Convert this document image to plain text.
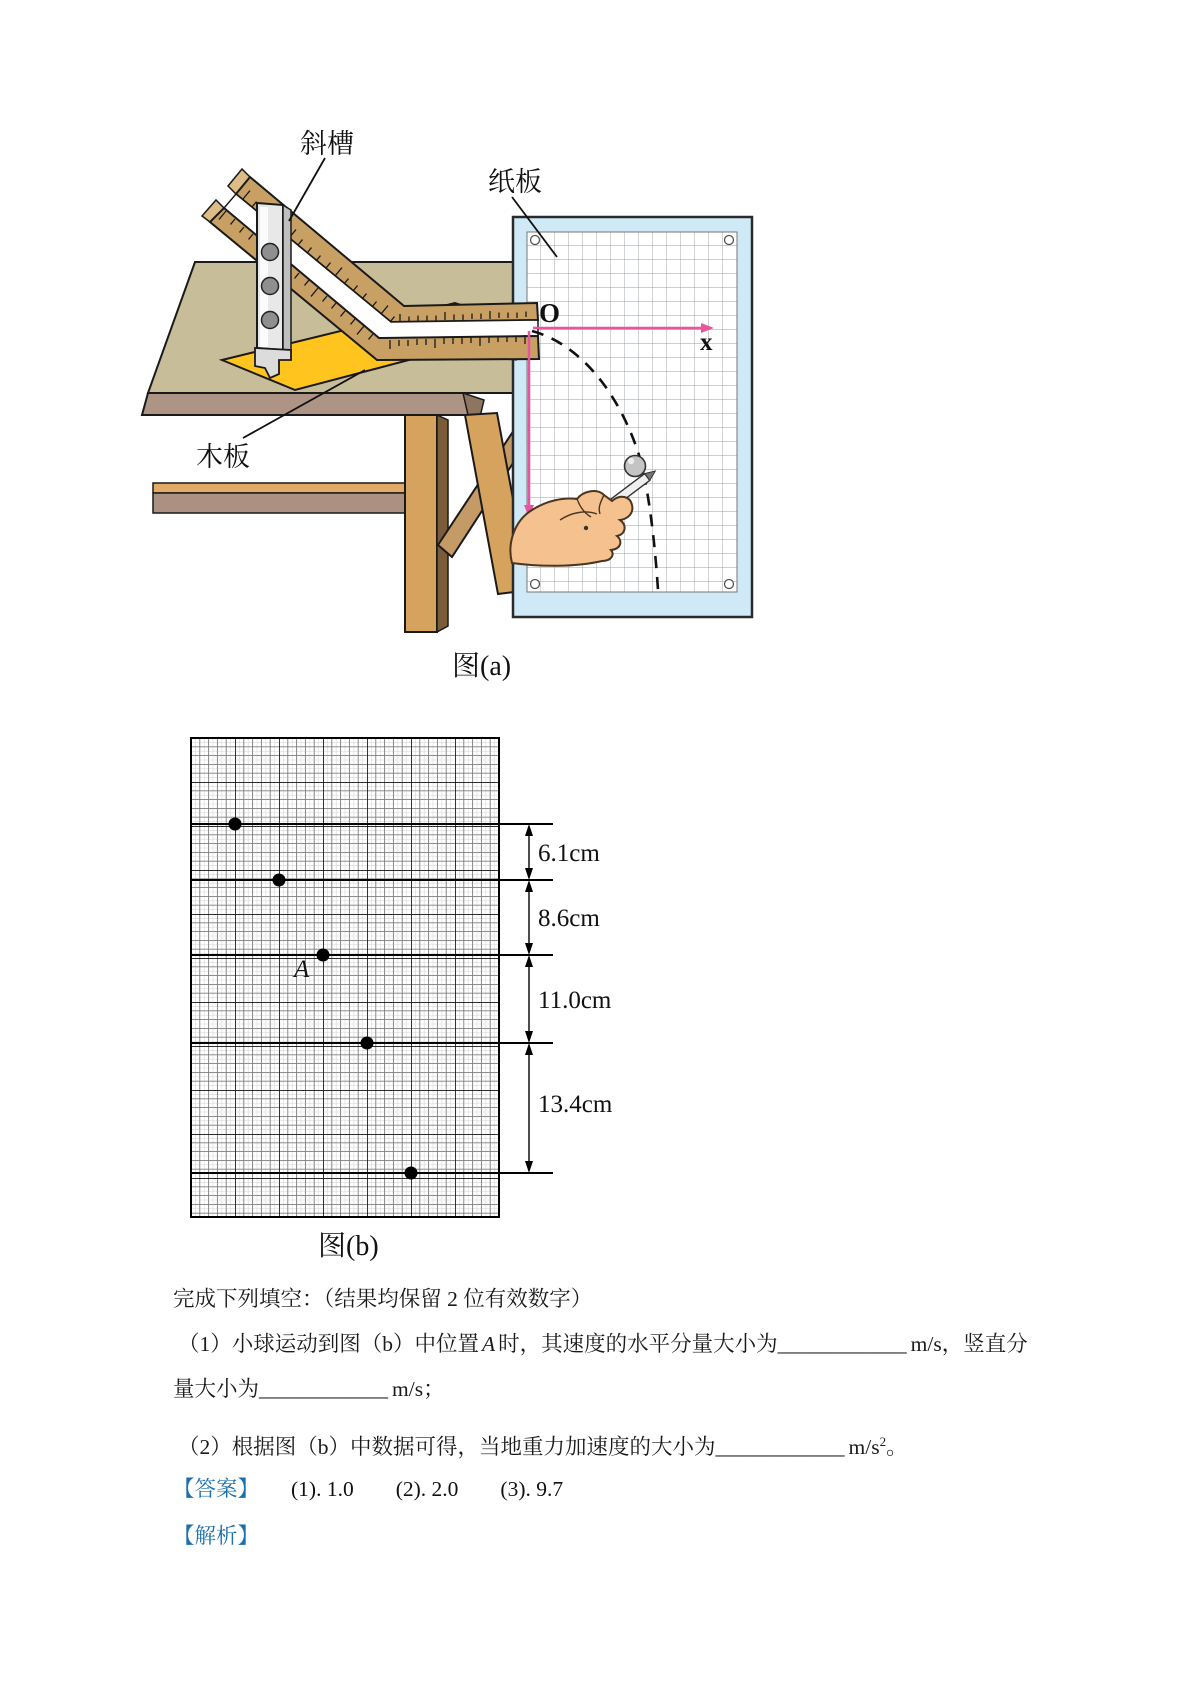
O
x
斜槽
纸板
木板
图(a)
A
6.1cm
8.6cm
11.0cm
13.4cm
图(b)
完成下列填空：（结果均保留 2 位有效数字）
（1）小球运动到图（b）中位置 A 时，其速度的水平分量大小为____________ m/s，竖直分
量大小为____________ m/s；
（2）根据图（b）中数据可得，当地重力加速度的大小为____________ $m/s^2$。
【答案】 (1). 1.0 (2). 2.0 (3). 9.7
【解析】
